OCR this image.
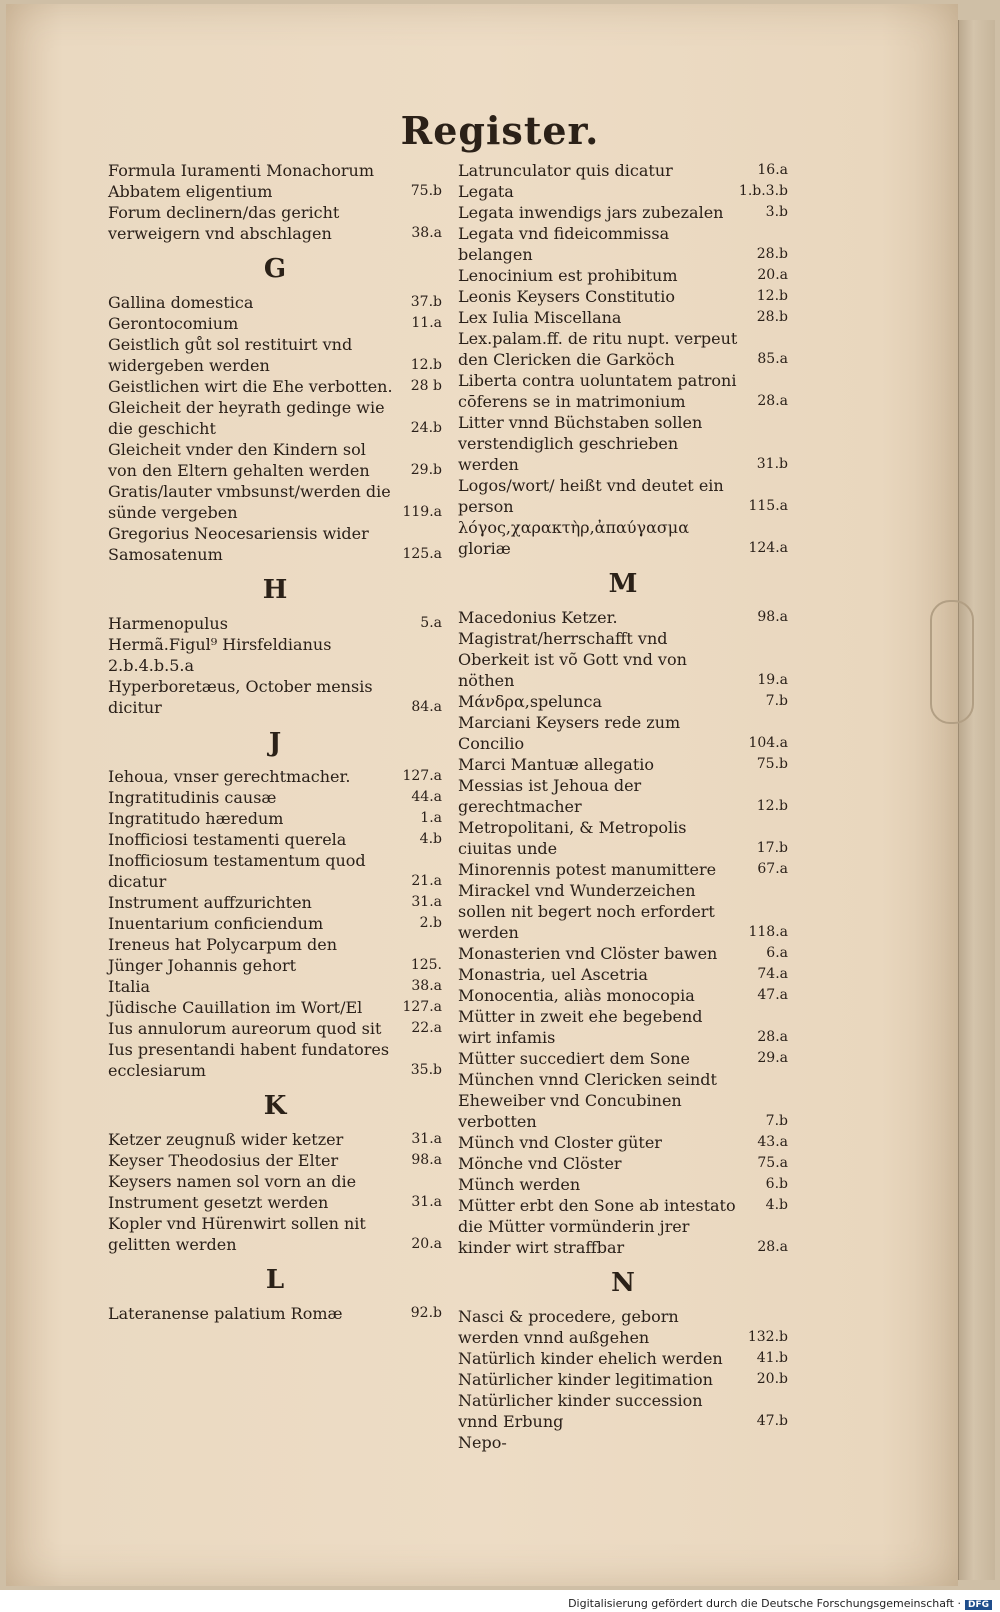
Register.
Formula Iuramenti Monachorum Abbatem eligentium	75.b
Forum declinern/das gericht verweigern vnd abschlagen	38.a
G
Gallina domestica	37.b
Gerontocomium	11.a
Geistlich gůt sol restituirt vnd widergeben werden	12.b
Geistlichen wirt die Ehe verbotten.	28 b
Gleicheit der heyrath gedinge wie die geschicht	24.b
Gleicheit vnder den Kindern sol von den Eltern gehalten werden	29.b
Gratis/lauter vmbsunst/werden die sünde vergeben	119.a
Gregorius Neocesariensis wider Samosatenum	125.a
H
Harmenopulus	5.a
Hermã.Figul⁹ Hirsfeldianus 2.b.4.b.5.a
Hyperboretæus, October mensis dicitur	84.a
J
Iehoua, vnser gerechtmacher.	127.a
Ingratitudinis causæ	44.a
Ingratitudo hæredum	1.a
Inofficiosi testamenti querela	4.b
Inofficiosum testamentum quod dicatur	21.a
Instrument auffzurichten	31.a
Inuentarium conficiendum	2.b
Ireneus hat Polycarpum den Jünger Johannis gehort	125.
Italia	38.a
Jüdische Cauillation im Wort/El	127.a
Ius annulorum aureorum quod sit	22.a
Ius presentandi habent fundatores ecclesiarum	35.b
K
Ketzer zeugnuß wider ketzer	31.a
Keyser Theodosius der Elter	98.a
Keysers namen sol vorn an die Instrument gesetzt werden	31.a
Kopler vnd Hürenwirt sollen nit gelitten werden	20.a
L
Lateranense palatium Romæ	92.b
Latrunculator quis dicatur	16.a
Legata	1.b.3.b
Legata inwendigs jars zubezalen	3.b
Legata vnd fideicommissa belangen	28.b
Lenocinium est prohibitum	20.a
Leonis Keysers Constitutio	12.b
Lex Iulia Miscellana	28.b
Lex.palam.ff. de ritu nupt. verpeut den Clericken die Garköch	85.a
Liberta contra uoluntatem patroni cōferens se in matrimonium	28.a
Litter vnnd Büchstaben sollen verstendiglich geschrieben werden	31.b
Logos/wort/ heißt vnd deutet ein person	115.a
λόγος,χαρακτὴρ,ἀπαύγασμα gloriæ	124.a
M
Macedonius Ketzer.	98.a
Magistrat/herrschafft vnd Oberkeit ist võ Gott vnd von nöthen	19.a
Μάνδρα,spelunca	7.b
Marciani Keysers rede zum Concilio	104.a
Marci Mantuæ allegatio	75.b
Messias ist Jehoua der gerechtmacher	12.b
Metropolitani, & Metropolis ciuitas unde	17.b
Minorennis potest manumittere	67.a
Mirackel vnd Wunderzeichen sollen nit begert noch erfordert werden	118.a
Monasterien vnd Clöster bawen	6.a
Monastria, uel Ascetria	74.a
Monocentia, aliàs monocopia	47.a
Mütter in zweit ehe begebend wirt infamis	28.a
Mütter succediert dem Sone	29.a
München vnnd Clericken seindt Eheweiber vnd Concubinen verbotten	7.b
Münch vnd Closter güter	43.a
Mönche vnd Clöster	75.a
Münch werden	6.b
Mütter erbt den Sone ab intestato	4.b
die Mütter vormünderin jrer kinder wirt straffbar	28.a
N
Nasci & procedere, geborn werden vnnd außgehen	132.b
Natürlich kinder ehelich werden	41.b
Natürlicher kinder legitimation	20.b
Natürlicher kinder succession vnnd Erbung	47.b
Nepo-
Digitalisierung gefördert durch die Deutsche Forschungsgemeinschaft · DFG
